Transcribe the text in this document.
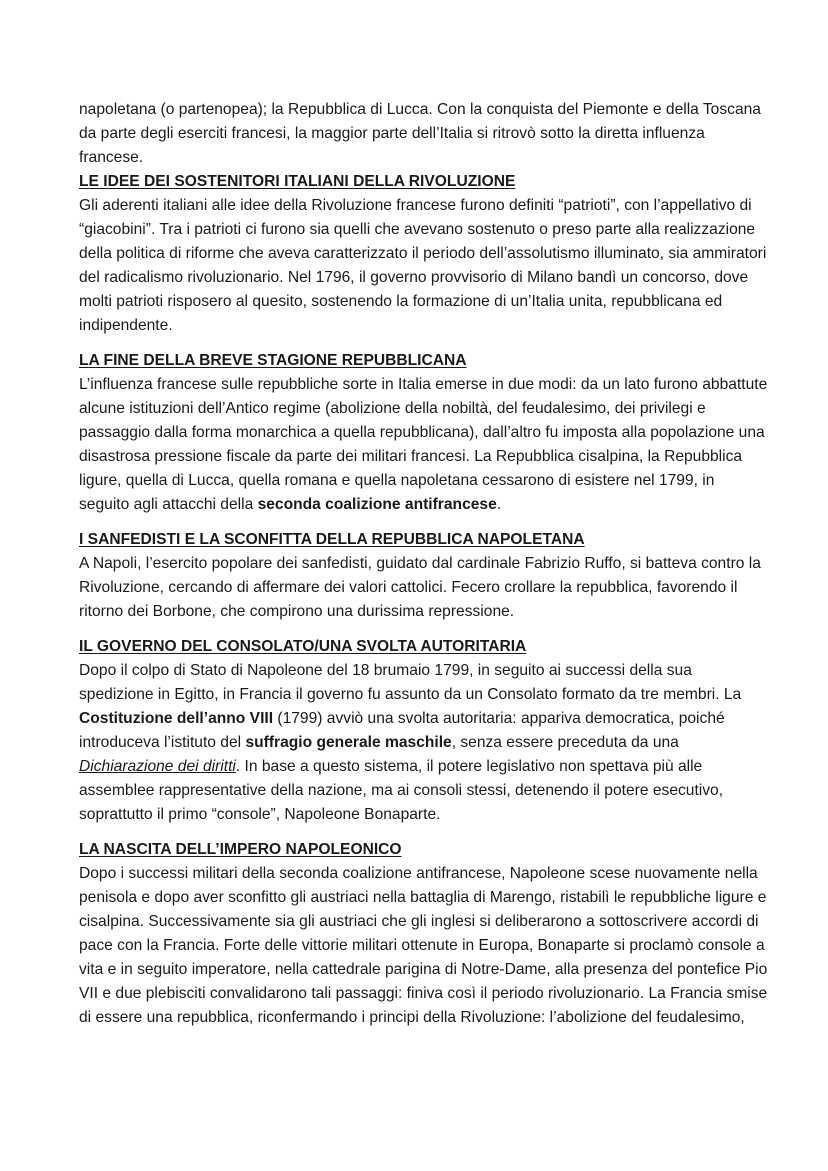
napoletana (o partenopea); la Repubblica di Lucca. Con la conquista del Piemonte e della Toscana da parte degli eserciti francesi, la maggior parte dell’Italia si ritrovò sotto la diretta influenza francese.

LE IDEE DEI SOSTENITORI ITALIANI DELLA RIVOLUZIONE

Gli aderenti italiani alle idee della Rivoluzione francese furono definiti “patrioti”, con l’appellativo di “giacobini”. Tra i patrioti ci furono sia quelli che avevano sostenuto o preso parte alla realizzazione della politica di riforme che aveva caratterizzato il periodo dell’assolutismo illuminato, sia ammiratori del radicalismo rivoluzionario. Nel 1796, il governo provvisorio di Milano bandì un concorso, dove molti patrioti risposero al quesito, sostenendo la formazione di un’Italia unita, repubblicana ed indipendente.

LA FINE DELLA BREVE STAGIONE REPUBBLICANA

L’influenza francese sulle repubbliche sorte in Italia emerse in due modi: da un lato furono abbattute alcune istituzioni dell’Antico regime (abolizione della nobiltà, del feudalesimo, dei privilegi e passaggio dalla forma monarchica a quella repubblicana), dall’altro fu imposta alla popolazione una disastrosa pressione fiscale da parte dei militari francesi. La Repubblica cisalpina, la Repubblica ligure, quella di Lucca, quella romana e quella napoletana cessarono di esistere nel 1799, in seguito agli attacchi della seconda coalizione antifrancese.

I SANFEDISTI E LA SCONFITTA DELLA REPUBBLICA NAPOLETANA

A Napoli, l’esercito popolare dei sanfedisti, guidato dal cardinale Fabrizio Ruffo, si batteva contro la Rivoluzione, cercando di affermare dei valori cattolici. Fecero crollare la repubblica, favorendo il ritorno dei Borbone, che compirono una durissima repressione.

IL GOVERNO DEL CONSOLATO/UNA SVOLTA AUTORITARIA

Dopo il colpo di Stato di Napoleone del 18 brumaio 1799, in seguito ai successi della sua spedizione in Egitto, in Francia il governo fu assunto da un Consolato formato da tre membri. La Costituzione dell’anno VIII (1799) avviò una svolta autoritaria: appariva democratica, poiché introduceva l’istituto del suffragio generale maschile, senza essere preceduta da una Dichiarazione dei diritti. In base a questo sistema, il potere legislativo non spettava più alle assemblee rappresentative della nazione, ma ai consoli stessi, detenendo il potere esecutivo, soprattutto il primo “console”, Napoleone Bonaparte.

LA NASCITA DELL’IMPERO NAPOLEONICO

Dopo i successi militari della seconda coalizione antifrancese, Napoleone scese nuovamente nella penisola e dopo aver sconfitto gli austriaci nella battaglia di Marengo, ristabilì le repubbliche ligure e cisalpina. Successivamente sia gli austriaci che gli inglesi si deliberarono a sottoscrivere accordi di pace con la Francia. Forte delle vittorie militari ottenute in Europa, Bonaparte si proclamò console a vita e in seguito imperatore, nella cattedrale parigina di Notre-Dame, alla presenza del pontefice Pio VII e due plebisciti convalidarono tali passaggi: finiva così il periodo rivoluzionario. La Francia smise di essere una repubblica, riconfermando i principi della Rivoluzione: l’abolizione del feudalesimo,
